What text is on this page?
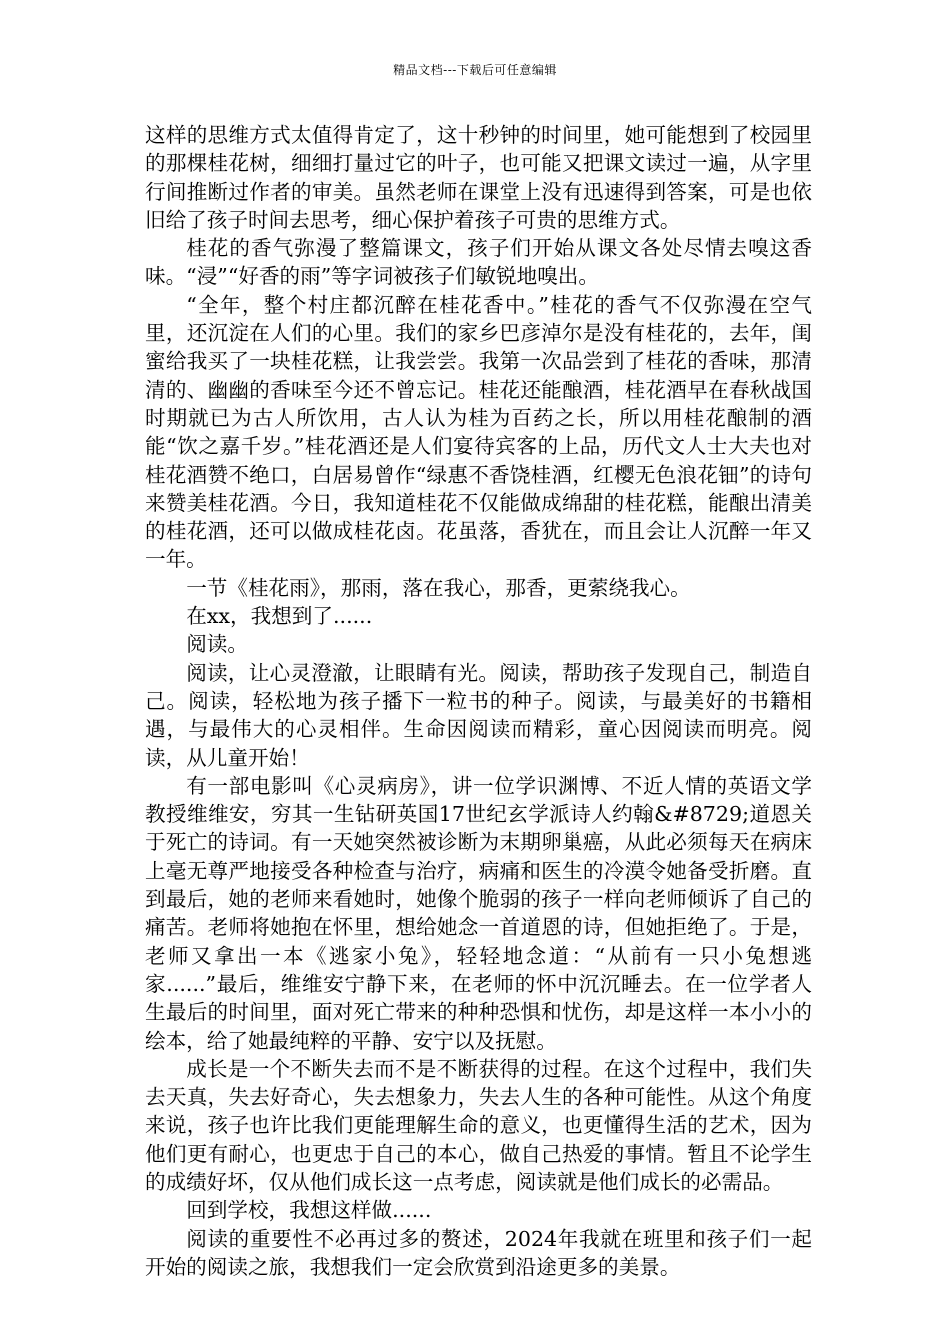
精品文档---下载后可任意编辑

这样的思维方式太值得肯定了，这十秒钟的时间里，她可能想到了校园里的那棵桂花树，细细打量过它的叶子，也可能又把课文读过一遍，从字里行间推断过作者的审美。虽然老师在课堂上没有迅速得到答案，可是也依旧给了孩子时间去思考，细心保护着孩子可贵的思维方式。

桂花的香气弥漫了整篇课文，孩子们开始从课文各处尽情去嗅这香味。“浸”“好香的雨”等字词被孩子们敏锐地嗅出。

“全年，整个村庄都沉醉在桂花香中。”桂花的香气不仅弥漫在空气里，还沉淀在人们的心里。我们的家乡巴彦淖尔是没有桂花的，去年，闺蜜给我买了一块桂花糕，让我尝尝。我第一次品尝到了桂花的香味，那清清的、幽幽的香味至今还不曾忘记。桂花还能酿酒，桂花酒早在春秋战国时期就已为古人所饮用，古人认为桂为百药之长，所以用桂花酿制的酒能“饮之嘉千岁。”桂花酒还是人们宴待宾客的上品，历代文人士大夫也对桂花酒赞不绝口，白居易曾作“绿惠不香饶桂酒，红樱无色浪花钿”的诗句来赞美桂花酒。今日，我知道桂花不仅能做成绵甜的桂花糕，能酿出清美的桂花酒，还可以做成桂花卤。花虽落，香犹在，而且会让人沉醉一年又一年。

一节《桂花雨》，那雨，落在我心，那香，更萦绕我心。

在xx，我想到了......

阅读。

阅读，让心灵澄澈，让眼睛有光。阅读，帮助孩子发现自己，制造自己。阅读，轻松地为孩子播下一粒书的种子。阅读，与最美好的书籍相遇，与最伟大的心灵相伴。生命因阅读而精彩，童心因阅读而明亮。阅读，从儿童开始！

有一部电影叫《心灵病房》，讲一位学识渊博、不近人情的英语文学教授维维安，穷其一生钻研英国17世纪玄学派诗人约翰&#8729;道恩关于死亡的诗词。有一天她突然被诊断为末期卵巢癌，从此必须每天在病床上毫无尊严地接受各种检查与治疗，病痛和医生的冷漠令她备受折磨。直到最后，她的老师来看她时，她像个脆弱的孩子一样向老师倾诉了自己的痛苦。老师将她抱在怀里，想给她念一首道恩的诗，但她拒绝了。于是，老师又拿出一本《逃家小兔》，轻轻地念道：“从前有一只小兔想逃家......”最后，维维安宁静下来，在老师的怀中沉沉睡去。在一位学者人生最后的时间里，面对死亡带来的种种恐惧和忧伤，却是这样一本小小的绘本，给了她最纯粹的平静、安宁以及抚慰。

成长是一个不断失去而不是不断获得的过程。在这个过程中，我们失去天真，失去好奇心，失去想象力，失去人生的各种可能性。从这个角度来说，孩子也许比我们更能理解生命的意义，也更懂得生活的艺术，因为他们更有耐心，也更忠于自己的本心，做自己热爱的事情。暂且不论学生的成绩好坏，仅从他们成长这一点考虑，阅读就是他们成长的必需品。

回到学校，我想这样做......

阅读的重要性不必再过多的赘述，2024年我就在班里和孩子们一起开始的阅读之旅，我想我们一定会欣赏到沿途更多的美景。
